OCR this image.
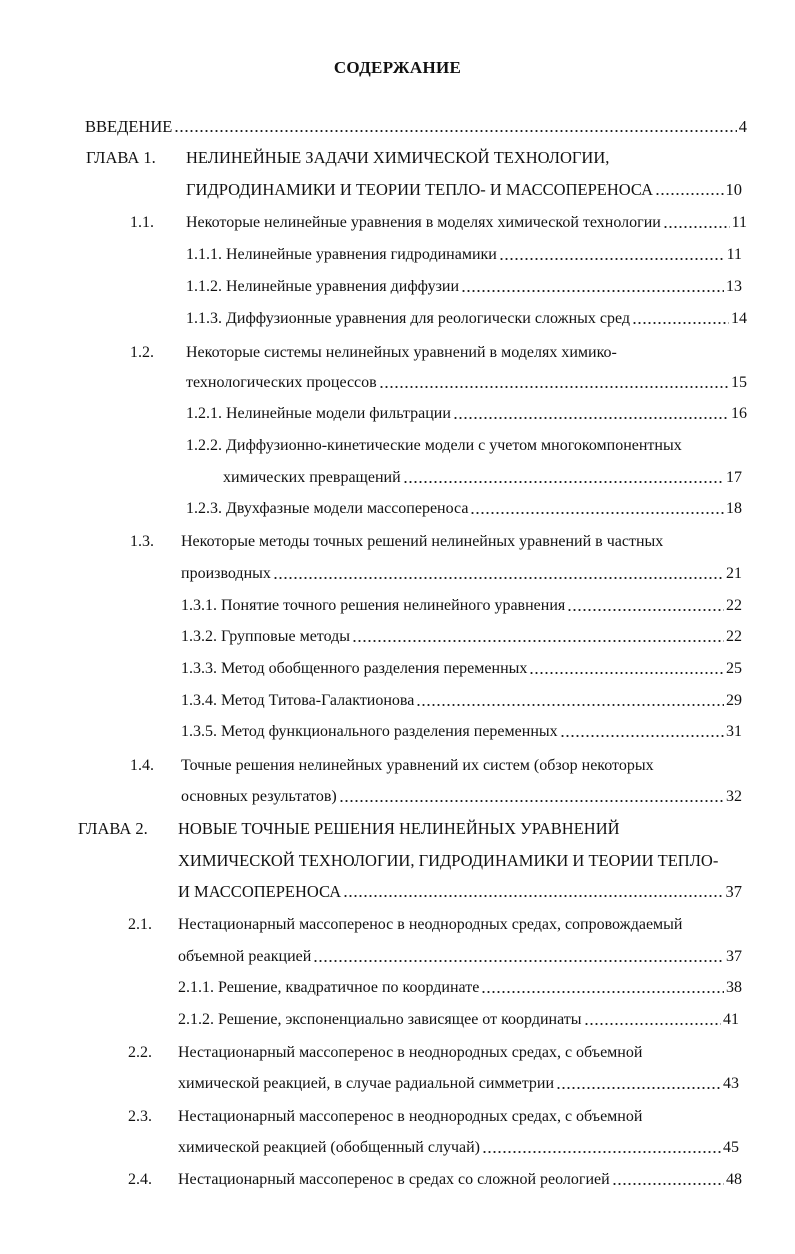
СОДЕРЖАНИЕ
ВВЕДЕНИЕ	4
ГЛАВА 1. НЕЛИНЕЙНЫЕ ЗАДАЧИ ХИМИЧЕСКОЙ ТЕХНОЛОГИИ,
ГИДРОДИНАМИКИ И ТЕОРИИ ТЕПЛО- И МАССОПЕРЕНОСА	10
1.1. Некоторые нелинейные уравнения в моделях химической технологии	11
1.1.1. Нелинейные уравнения гидродинамики	11
1.1.2. Нелинейные уравнения диффузии	13
1.1.3. Диффузионные уравнения для реологически сложных сред	14
1.2. Некоторые системы нелинейных уравнений в моделях химико-
технологических процессов	15
1.2.1. Нелинейные модели фильтрации	16
1.2.2. Диффузионно-кинетические модели с учетом многокомпонентных
химических превращений	17
1.2.3. Двухфазные модели массопереноса	18
1.3. Некоторые методы точных решений нелинейных уравнений в частных
производных	21
1.3.1. Понятие точного решения нелинейного уравнения	22
1.3.2. Групповые методы	22
1.3.3. Метод обобщенного разделения переменных	25
1.3.4. Метод Титова-Галактионова	29
1.3.5. Метод функционального разделения переменных	31
1.4. Точные решения нелинейных уравнений их систем (обзор некоторых
основных результатов)	32
ГЛАВА 2. НОВЫЕ ТОЧНЫЕ РЕШЕНИЯ НЕЛИНЕЙНЫХ УРАВНЕНИЙ
ХИМИЧЕСКОЙ ТЕХНОЛОГИИ, ГИДРОДИНАМИКИ И ТЕОРИИ ТЕПЛО-
И МАССОПЕРЕНОСА	37
2.1. Нестационарный массоперенос в неоднородных средах, сопровождаемый
объемной реакцией	37
2.1.1. Решение, квадратичное по координате	38
2.1.2. Решение, экспоненциально зависящее от координаты	41
2.2. Нестационарный массоперенос в неоднородных средах, с объемной
химической реакцией, в случае радиальной симметрии	43
2.3. Нестационарный массоперенос в неоднородных средах, с объемной
химической реакцией (обобщенный случай)	45
2.4. Нестационарный массоперенос в средах со сложной реологией	48
